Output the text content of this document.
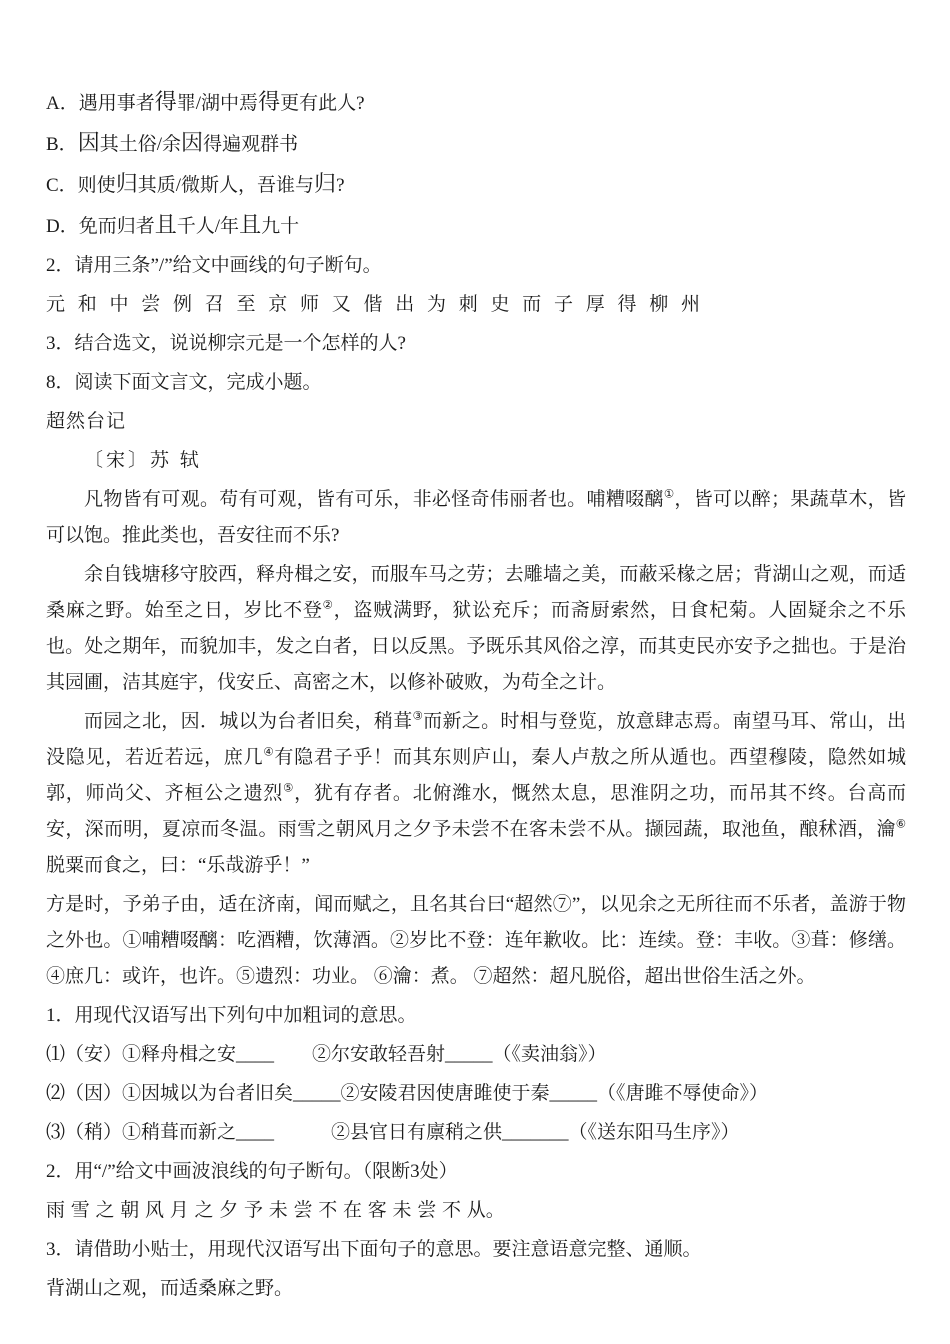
A．遇用事者得罪/湖中焉得更有此人?
B．因其土俗/余因得遍观群书
C．则使归其质/微斯人，吾谁与归?
D．免而归者且千人/年且九十
2．请用三条”/”给文中画线的句子断句。
元 和 中 尝 例 召 至 京 师 又 偕 出 为 刺 史 而 子 厚 得 柳 州
3．结合选文，说说柳宗元是一个怎样的人?
8．阅读下面文言文，完成小题。
超然台记
〔宋〕苏 轼
凡物皆有可观。苟有可观，皆有可乐，非必怪奇伟丽者也。哺糟啜醨①，皆可以醉；果蔬草木，皆可以饱。推此类也，吾安往而不乐?
余自钱塘移守胶西，释舟楫之安，而服车马之劳；去雕墙之美，而蔽采椽之居；背湖山之观，而适桑麻之野。始至之日，岁比不登②，盗贼满野，狱讼充斥；而斋厨索然，日食杞菊。人固疑余之不乐也。处之期年，而貌加丰，发之白者，日以反黑。予既乐其风俗之淳，而其吏民亦安予之拙也。于是治其园圃，洁其庭宇，伐安丘、高密之木，以修补破败，为苟全之计。
而园之北，因．城以为台者旧矣，稍葺③而新之。时相与登览，放意肆志焉。南望马耳、常山，出没隐见，若近若远，庶几④有隐君子乎！而其东则庐山，秦人卢敖之所从遁也。西望穆陵，隐然如城郭，师尚父、齐桓公之遗烈⑤，犹有存者。北俯潍水，慨然太息，思淮阴之功，而吊其不终。台高而安，深而明，夏凉而冬温。雨雪之朝风月之夕予未尝不在客未尝不从。撷园蔬，取池鱼，酿秫酒，瀹⑥脱粟而食之，曰：“乐哉游乎！”
方是时，予弟子由，适在济南，闻而赋之，且名其台曰“超然⑦”，以见余之无所往而不乐者，盖游于物之外也。①哺糟啜醨：吃酒糟，饮薄酒。②岁比不登：连年歉收。比：连续。登：丰收。③葺：修缮。④庶几：或许，也许。⑤遗烈：功业。 ⑥瀹：煮。 ⑦超然：超凡脱俗，超出世俗生活之外。
1．用现代汉语写出下列句中加粗词的意思。
⑴（安）①释舟楫之安____　　②尔安敢轻吾射_____（《卖油翁》）
⑵（因）①因城以为台者旧矣_____②安陵君因使唐雎使于秦_____（《唐雎不辱使命》）
⑶（稍）①稍葺而新之____　　　②县官日有廪稍之供_______（《送东阳马生序》）
2．用“/”给文中画波浪线的句子断句。（限断3处）
雨 雪 之 朝 风 月 之 夕 予 未 尝 不 在 客 未 尝 不 从。
3．请借助小贴士，用现代汉语写出下面句子的意思。要注意语意完整、通顺。
背湖山之观，而适桑麻之野。
